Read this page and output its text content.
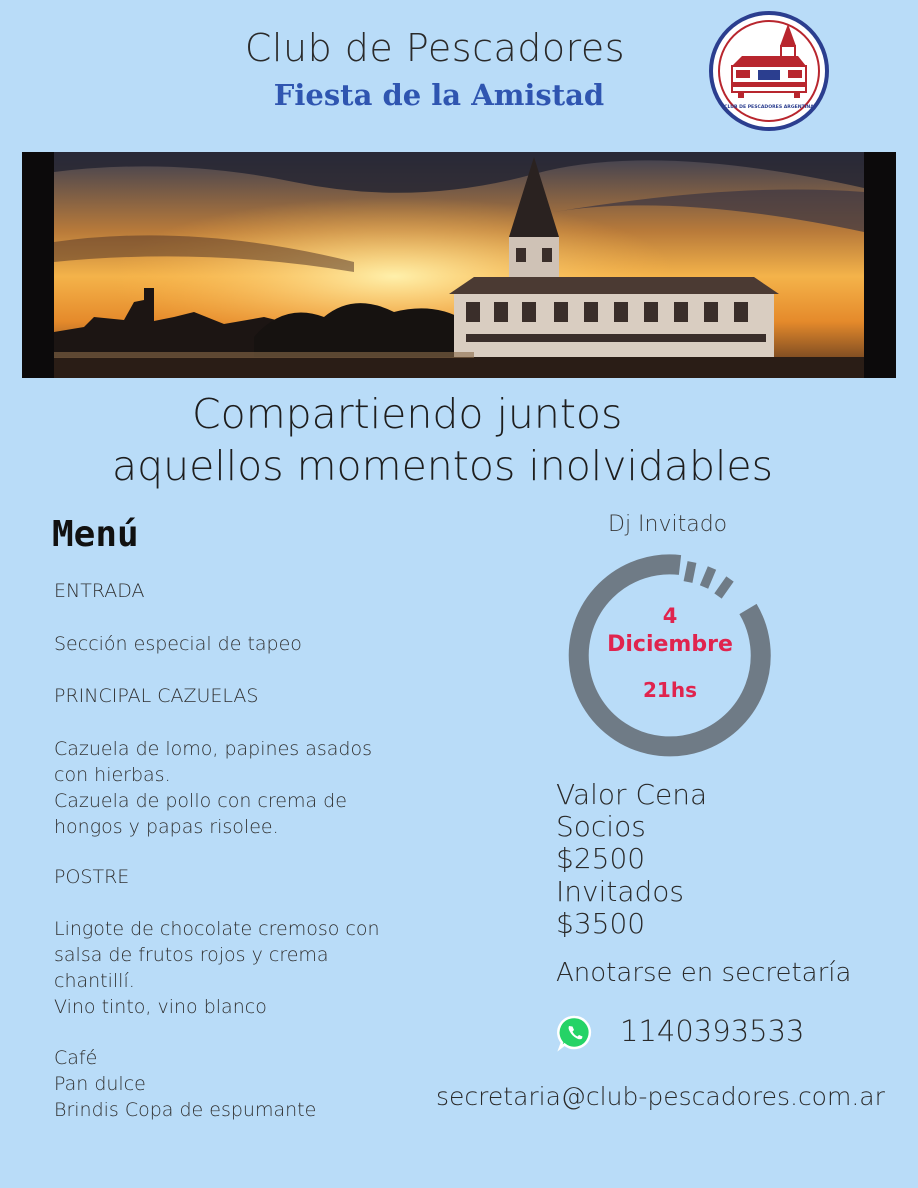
Club de Pescadores
Fiesta de la Amistad	CLUB DE PESCADORES ARGENTINA
Compartiendo juntos
aquellos momentos inolvidables
Menú
ENTRADA
Sección especial de tapeo
PRINCIPAL CAZUELAS
Cazuela de lomo, papines asados
con hierbas.
Cazuela de pollo con crema de
hongos y papas risolee.
POSTRE
Lingote de chocolate cremoso con
salsa de frutos rojos y crema
chantillí.
Vino tinto, vino blanco
Café
Pan dulce
Brindis Copa de espumante
Dj Invitado
4
Diciembre
21hs
Valor Cena
Socios
$2500
Invitados
$3500
Anotarse en secretaría
1140393533
secretaria@club-pescadores.com.ar
